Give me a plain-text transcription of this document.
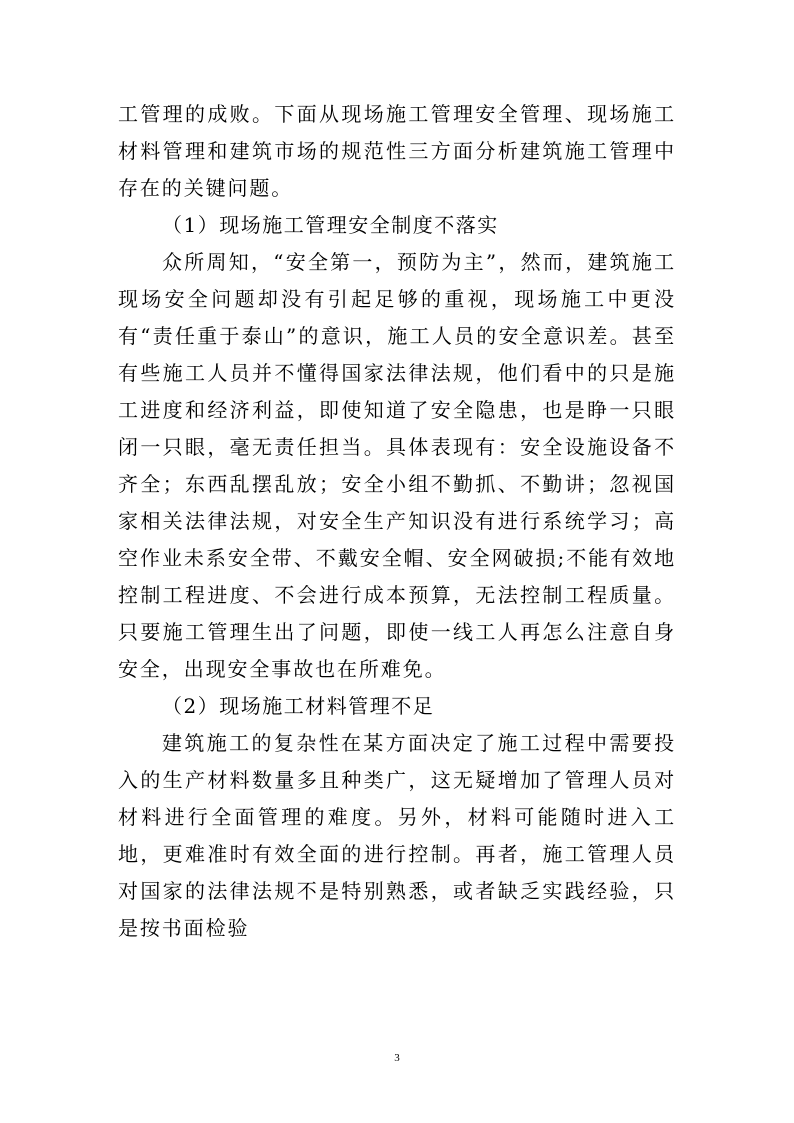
工管理的成败。下面从现场施工管理安全管理、现场施工材料管理和建筑市场的规范性三方面分析建筑施工管理中存在的关键问题。

（1）现场施工管理安全制度不落实

众所周知，“安全第一，预防为主”，然而，建筑施工现场安全问题却没有引起足够的重视，现场施工中更没有“责任重于泰山”的意识，施工人员的安全意识差。甚至有些施工人员并不懂得国家法律法规，他们看中的只是施工进度和经济利益，即使知道了安全隐患，也是睁一只眼闭一只眼，毫无责任担当。具体表现有：安全设施设备不齐全；东西乱摆乱放；安全小组不勤抓、不勤讲；忽视国家相关法律法规，对安全生产知识没有进行系统学习；高空作业未系安全带、不戴安全帽、安全网破损;不能有效地控制工程进度、不会进行成本预算，无法控制工程质量。只要施工管理生出了问题，即使一线工人再怎么注意自身安全，出现安全事故也在所难免。

（2）现场施工材料管理不足

建筑施工的复杂性在某方面决定了施工过程中需要投入的生产材料数量多且种类广，这无疑增加了管理人员对材料进行全面管理的难度。另外，材料可能随时进入工地，更难准时有效全面的进行控制。再者，施工管理人员对国家的法律法规不是特别熟悉，或者缺乏实践经验，只是按书面检验

3
